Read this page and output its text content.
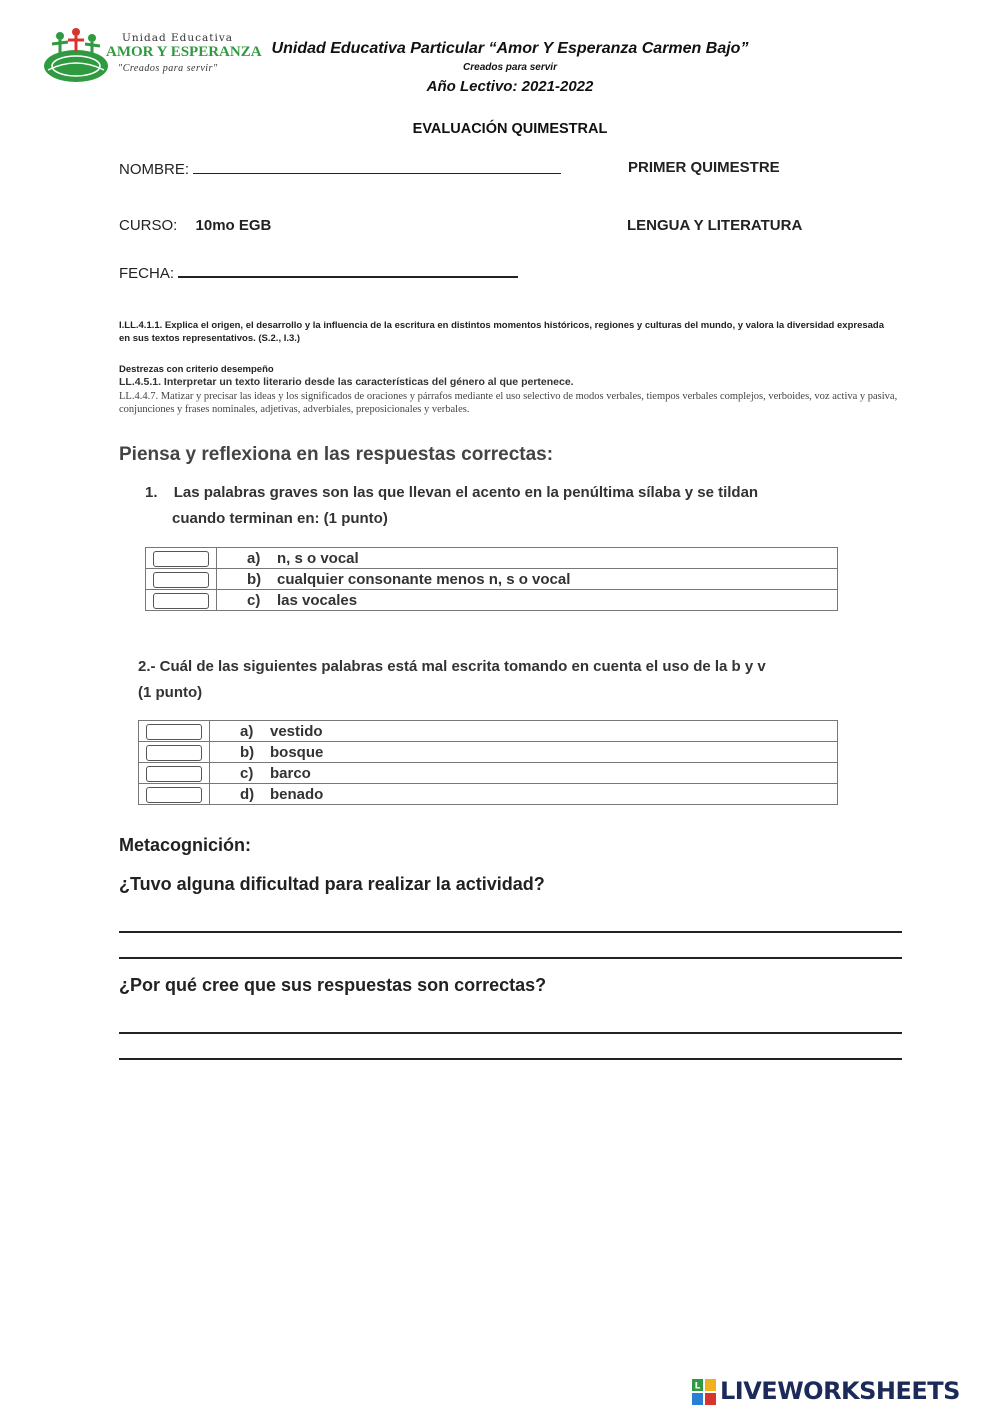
Unidad Educativa
AMOR Y ESPERANZA
"Creados para servir"
Unidad Educativa Particular “Amor Y Esperanza Carmen Bajo”
Creados para servir
Año Lectivo: 2021-2022
EVALUACIÓN QUIMESTRAL
NOMBRE:	PRIMER QUIMESTRE
CURSO: 10mo EGB	LENGUA Y LITERATURA
FECHA:
I.LL.4.1.1. Explica el origen, el desarrollo y la influencia de la escritura en distintos momentos históricos, regiones y culturas del mundo, y valora la diversidad expresada en sus textos representativos. (S.2., I.3.)
Destrezas con criterio desempeño
LL.4.5.1. Interpretar un texto literario desde las características del género al que pertenece.
LL.4.4.7. Matizar y precisar las ideas y los significados de oraciones y párrafos mediante el uso selectivo de modos verbales, tiempos verbales complejos, verboides, voz activa y pasiva, conjunciones y frases nominales, adjetivas, adverbiales, preposicionales y verbales.
Piensa y reflexiona en las respuestas correctas:
1. Las palabras graves son las que llevan el acento en la penúltima sílaba y se tildan
cuando terminan en: (1 punto)
	a) n, s o vocal
	b) cualquier consonante menos n, s o vocal
	c) las vocales
2.- Cuál de las siguientes palabras está mal escrita tomando en cuenta el uso de la b y v
(1 punto)
	a) vestido
	b) bosque
	c) barco
	d) benado
Metacognición:
¿Tuvo alguna dificultad para realizar la actividad?
¿Por qué cree que sus respuestas son correctas?
L LIVEWORKSHEETS
